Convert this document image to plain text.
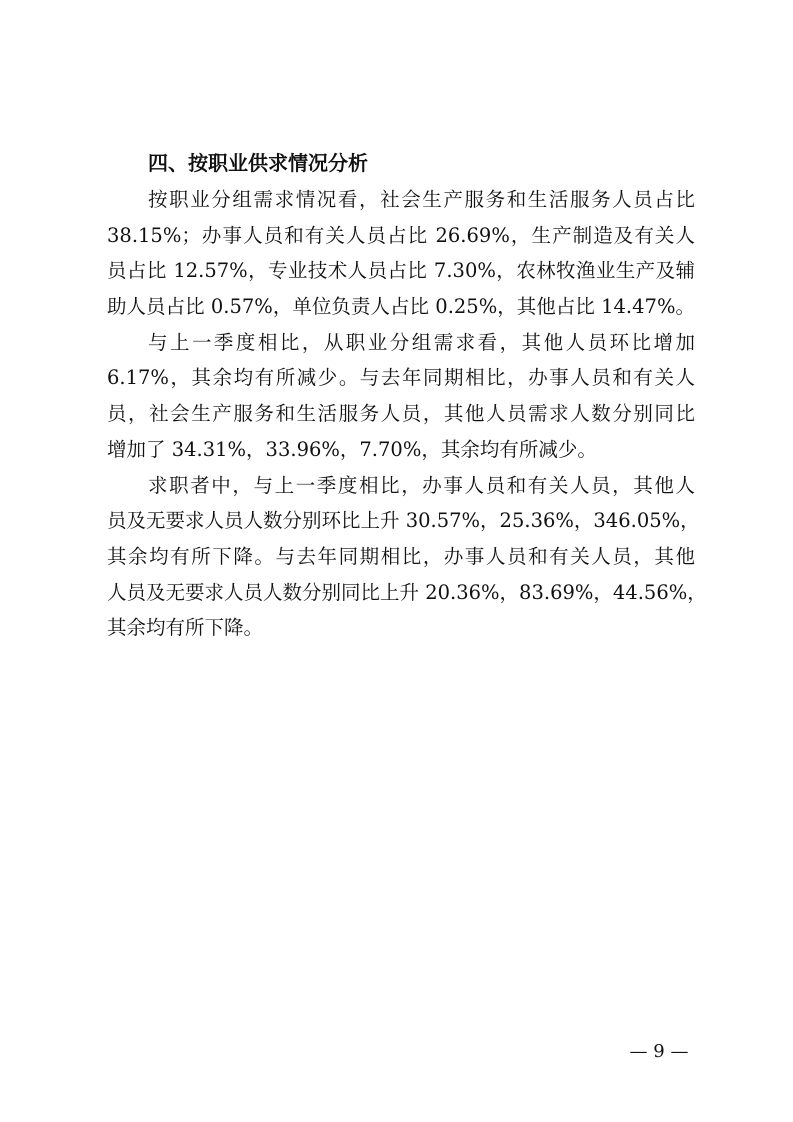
四、按职业供求情况分析
按职业分组需求情况看，社会生产服务和生活服务人员占比
38.15%；办事人员和有关人员占比 26.69%，生产制造及有关人
员占比 12.57%，专业技术人员占比 7.30%，农林牧渔业生产及辅
助人员占比 0.57%，单位负责人占比 0.25%，其他占比 14.47%。
与上一季度相比，从职业分组需求看，其他人员环比增加
6.17%，其余均有所减少。与去年同期相比，办事人员和有关人
员，社会生产服务和生活服务人员，其他人员需求人数分别同比
增加了 34.31%，33.96%，7.70%，其余均有所减少。
求职者中，与上一季度相比，办事人员和有关人员，其他人
员及无要求人员人数分别环比上升 30.57%，25.36%，346.05%，
其余均有所下降。与去年同期相比，办事人员和有关人员，其他
人员及无要求人员人数分别同比上升 20.36%，83.69%，44.56%，
其余均有所下降。
— 9 —
